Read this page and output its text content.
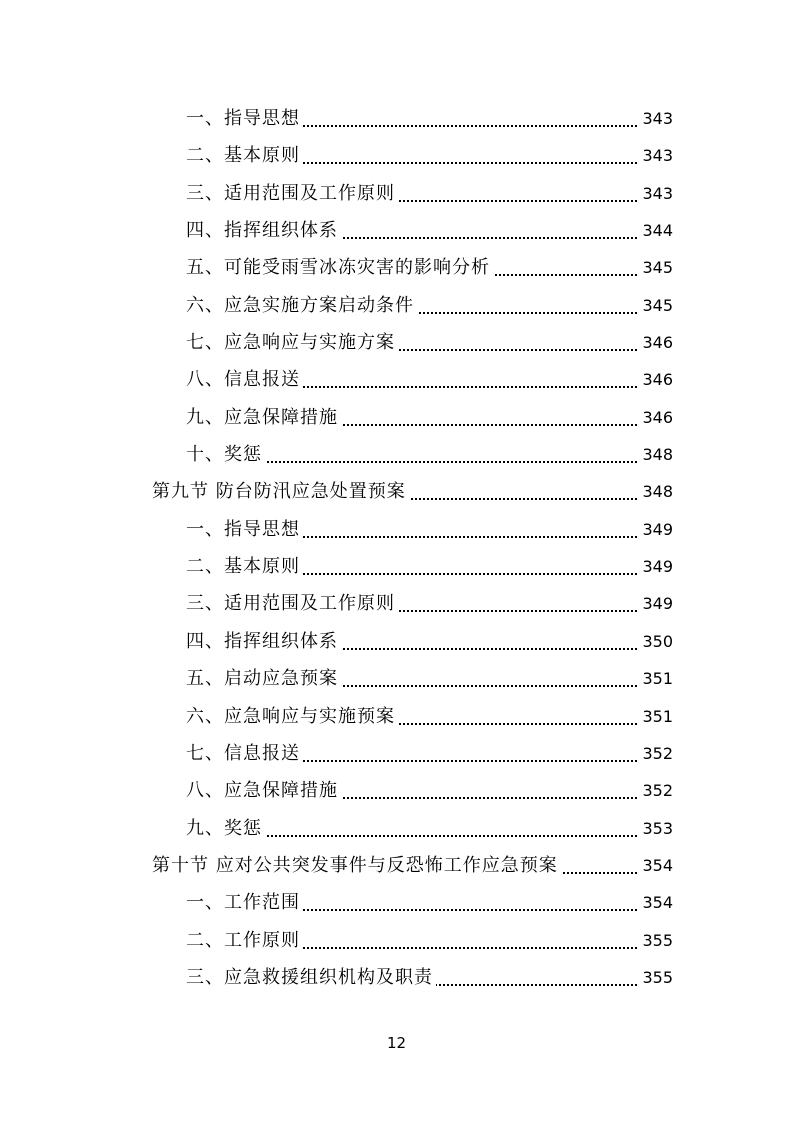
一、指导思想	343
二、基本原则	343
三、适用范围及工作原则	343
四、指挥组织体系	344
五、可能受雨雪冰冻灾害的影响分析	345
六、应急实施方案启动条件	345
七、应急响应与实施方案	346
八、信息报送	346
九、应急保障措施	346
十、奖惩	348
第九节 防台防汛应急处置预案	348
一、指导思想	349
二、基本原则	349
三、适用范围及工作原则	349
四、指挥组织体系	350
五、启动应急预案	351
六、应急响应与实施预案	351
七、信息报送	352
八、应急保障措施	352
九、奖惩	353
第十节 应对公共突发事件与反恐怖工作应急预案	354
一、工作范围	354
二、工作原则	355
三、应急救援组织机构及职责	355
12
